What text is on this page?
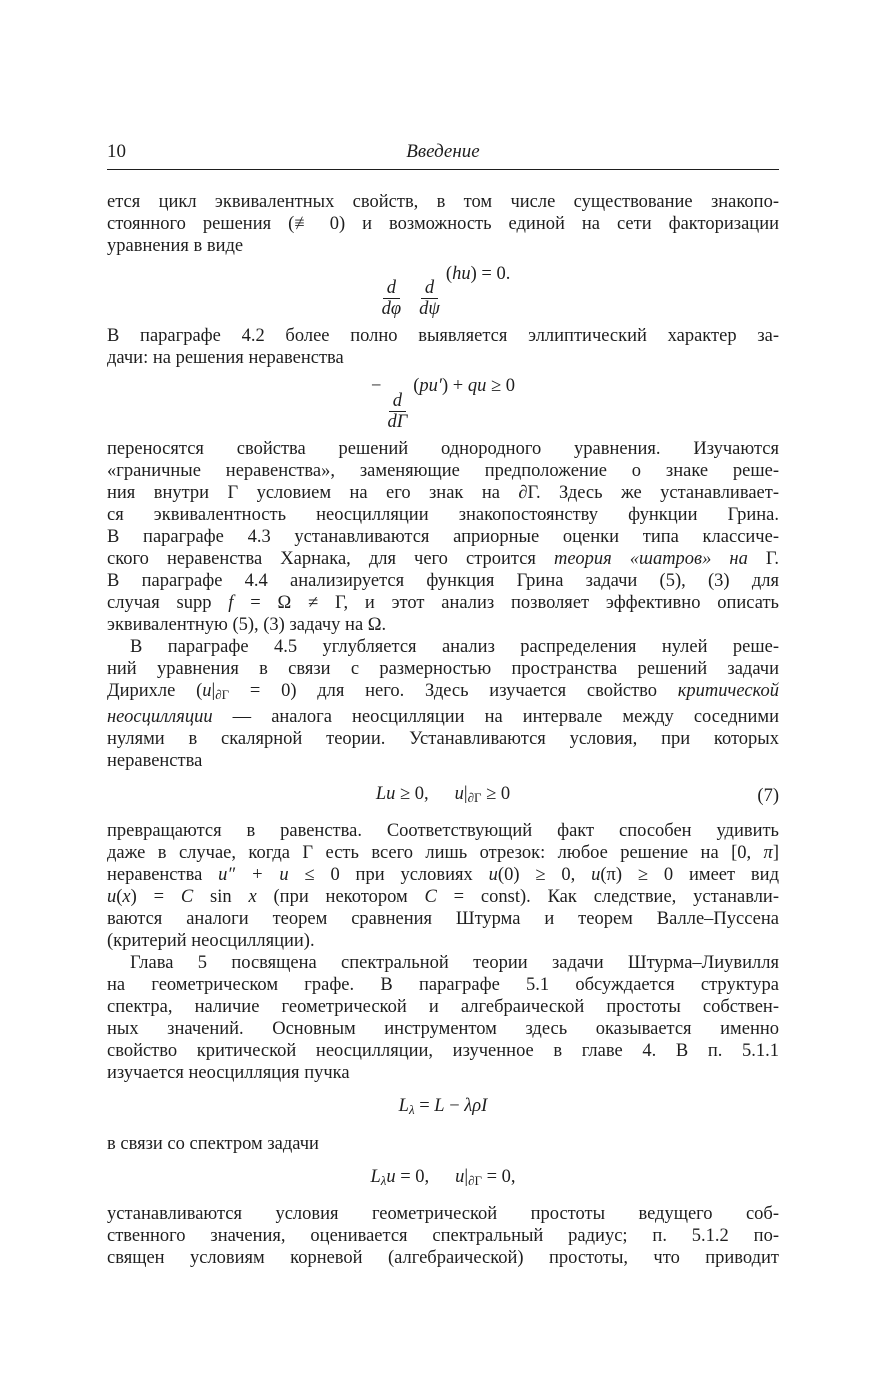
10	Введение
ется цикл эквивалентных свойств, в том числе существование знакопо-
стоянного решения (≢ 0) и возможность единой на сети факторизации
уравнения в виде
$\frac{d}{d\varphi} \frac{d}{d\psi}$
(hu) = 0.
В параграфе 4.2 более полно выявляется эллиптический характер за-
дачи: на решения неравенства
−
$\frac{d}{d\Gamma}$
(pu′) + qu ≥ 0
переносятся свойства решений однородного уравнения. Изучаются
«граничные неравенства», заменяющие предположение о знаке реше-
ния внутри Γ условием на его знак на ∂Γ. Здесь же устанавливает-
ся эквивалентность неосцилляции знакопостоянству функции Грина.
В параграфе 4.3 устанавливаются априорные оценки типа классиче-
ского неравенства Харнака, для чего строится теория «шатров» на Γ.
В параграфе 4.4 анализируется функция Грина задачи (5), (3) для
случая supp f = Ω ≠ Γ, и этот анализ позволяет эффективно описать
эквивалентную (5), (3) задачу на Ω.
В параграфе 4.5 углубляется анализ распределения нулей реше-
ний уравнения в связи с размерностью пространства решений задачи
Дирихле (u|∂Γ = 0) для него. Здесь изучается свойство критической
неосцилляции — аналога неосцилляции на интервале между соседними
нулями в скалярной теории. Устанавливаются условия, при которых
неравенства
Lu ≥ 0, u|∂Γ ≥ 0	(7)
превращаются в равенства. Соответствующий факт способен удивить
даже в случае, когда Γ есть всего лишь отрезок: любое решение на [0, π]
неравенства u″ + u ≤ 0 при условиях u(0) ≥ 0, u(π) ≥ 0 имеет вид
u(x) = C sin x (при некотором C = const). Как следствие, устанавли-
ваются аналоги теорем сравнения Штурма и теорем Валле–Пуссена
(критерий неосцилляции).
Глава 5 посвящена спектральной теории задачи Штурма–Лиувилля
на геометрическом графе. В параграфе 5.1 обсуждается структура
спектра, наличие геометрической и алгебраической простоты собствен-
ных значений. Основным инструментом здесь оказывается именно
свойство критической неосцилляции, изученное в главе 4. В п. 5.1.1
изучается неосцилляция пучка
Lλ = L − λρI
в связи со спектром задачи
Lλu = 0, u|∂Γ = 0,
устанавливаются условия геометрической простоты ведущего соб-
ственного значения, оценивается спектральный радиус; п. 5.1.2 по-
священ условиям корневой (алгебраической) простоты, что приводит
